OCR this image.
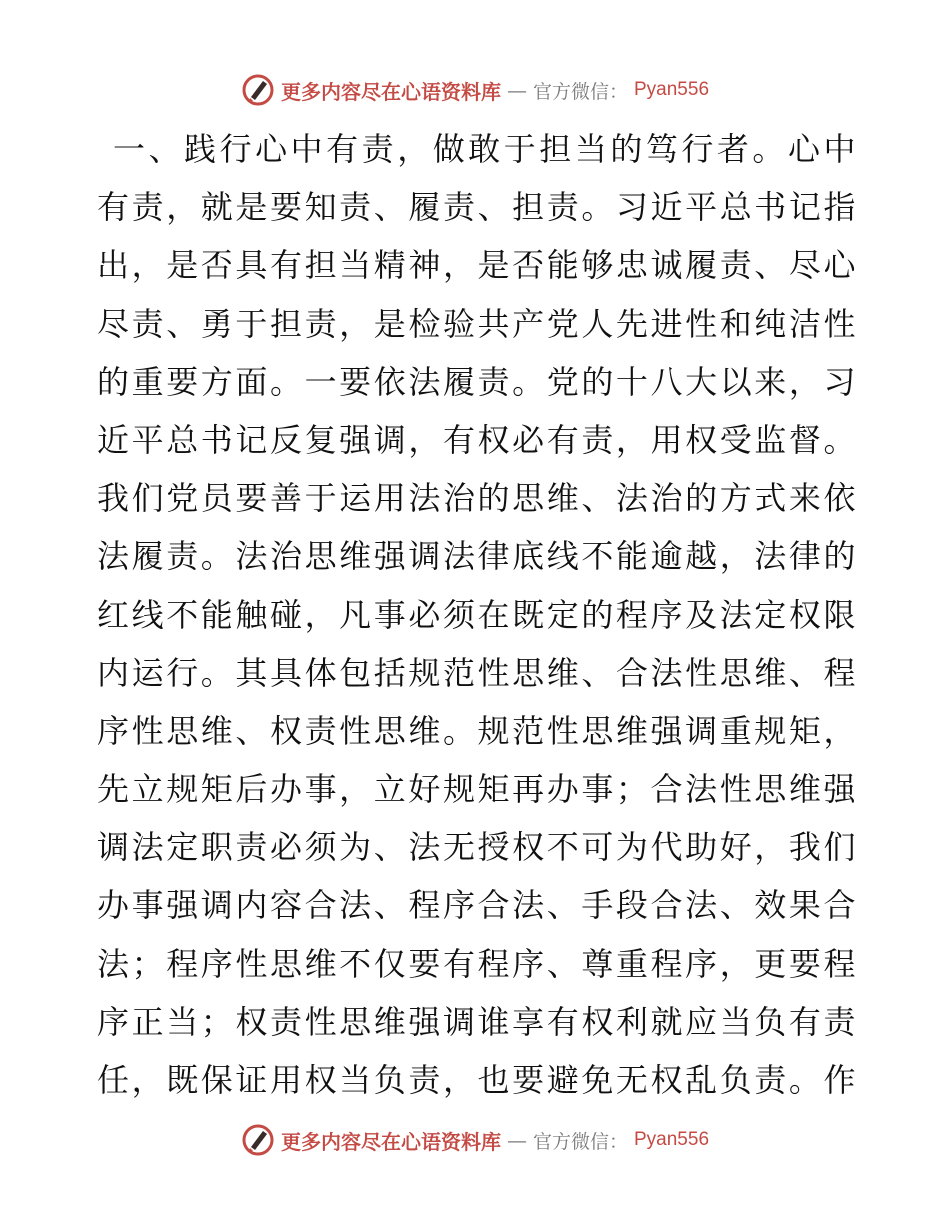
更多内容尽在心语资料库 — 官方微信： Pyan556
一、践行心中有责，做敢于担当的笃行者。心中
有责，就是要知责、履责、担责。习近平总书记指
出，是否具有担当精神，是否能够忠诚履责、尽心
尽责、勇于担责，是检验共产党人先进性和纯洁性
的重要方面。一要依法履责。党的十八大以来，习
近平总书记反复强调，有权必有责，用权受监督。
我们党员要善于运用法治的思维、法治的方式来依
法履责。法治思维强调法律底线不能逾越，法律的
红线不能触碰，凡事必须在既定的程序及法定权限
内运行。其具体包括规范性思维、合法性思维、程
序性思维、权责性思维。规范性思维强调重规矩，
先立规矩后办事，立好规矩再办事；合法性思维强
调法定职责必须为、法无授权不可为代助好，我们
办事强调内容合法、程序合法、手段合法、效果合
法；程序性思维不仅要有程序、尊重程序，更要程
序正当；权责性思维强调谁享有权利就应当负有责
任，既保证用权当负责，也要避免无权乱负责。作
更多内容尽在心语资料库 — 官方微信： Pyan556
